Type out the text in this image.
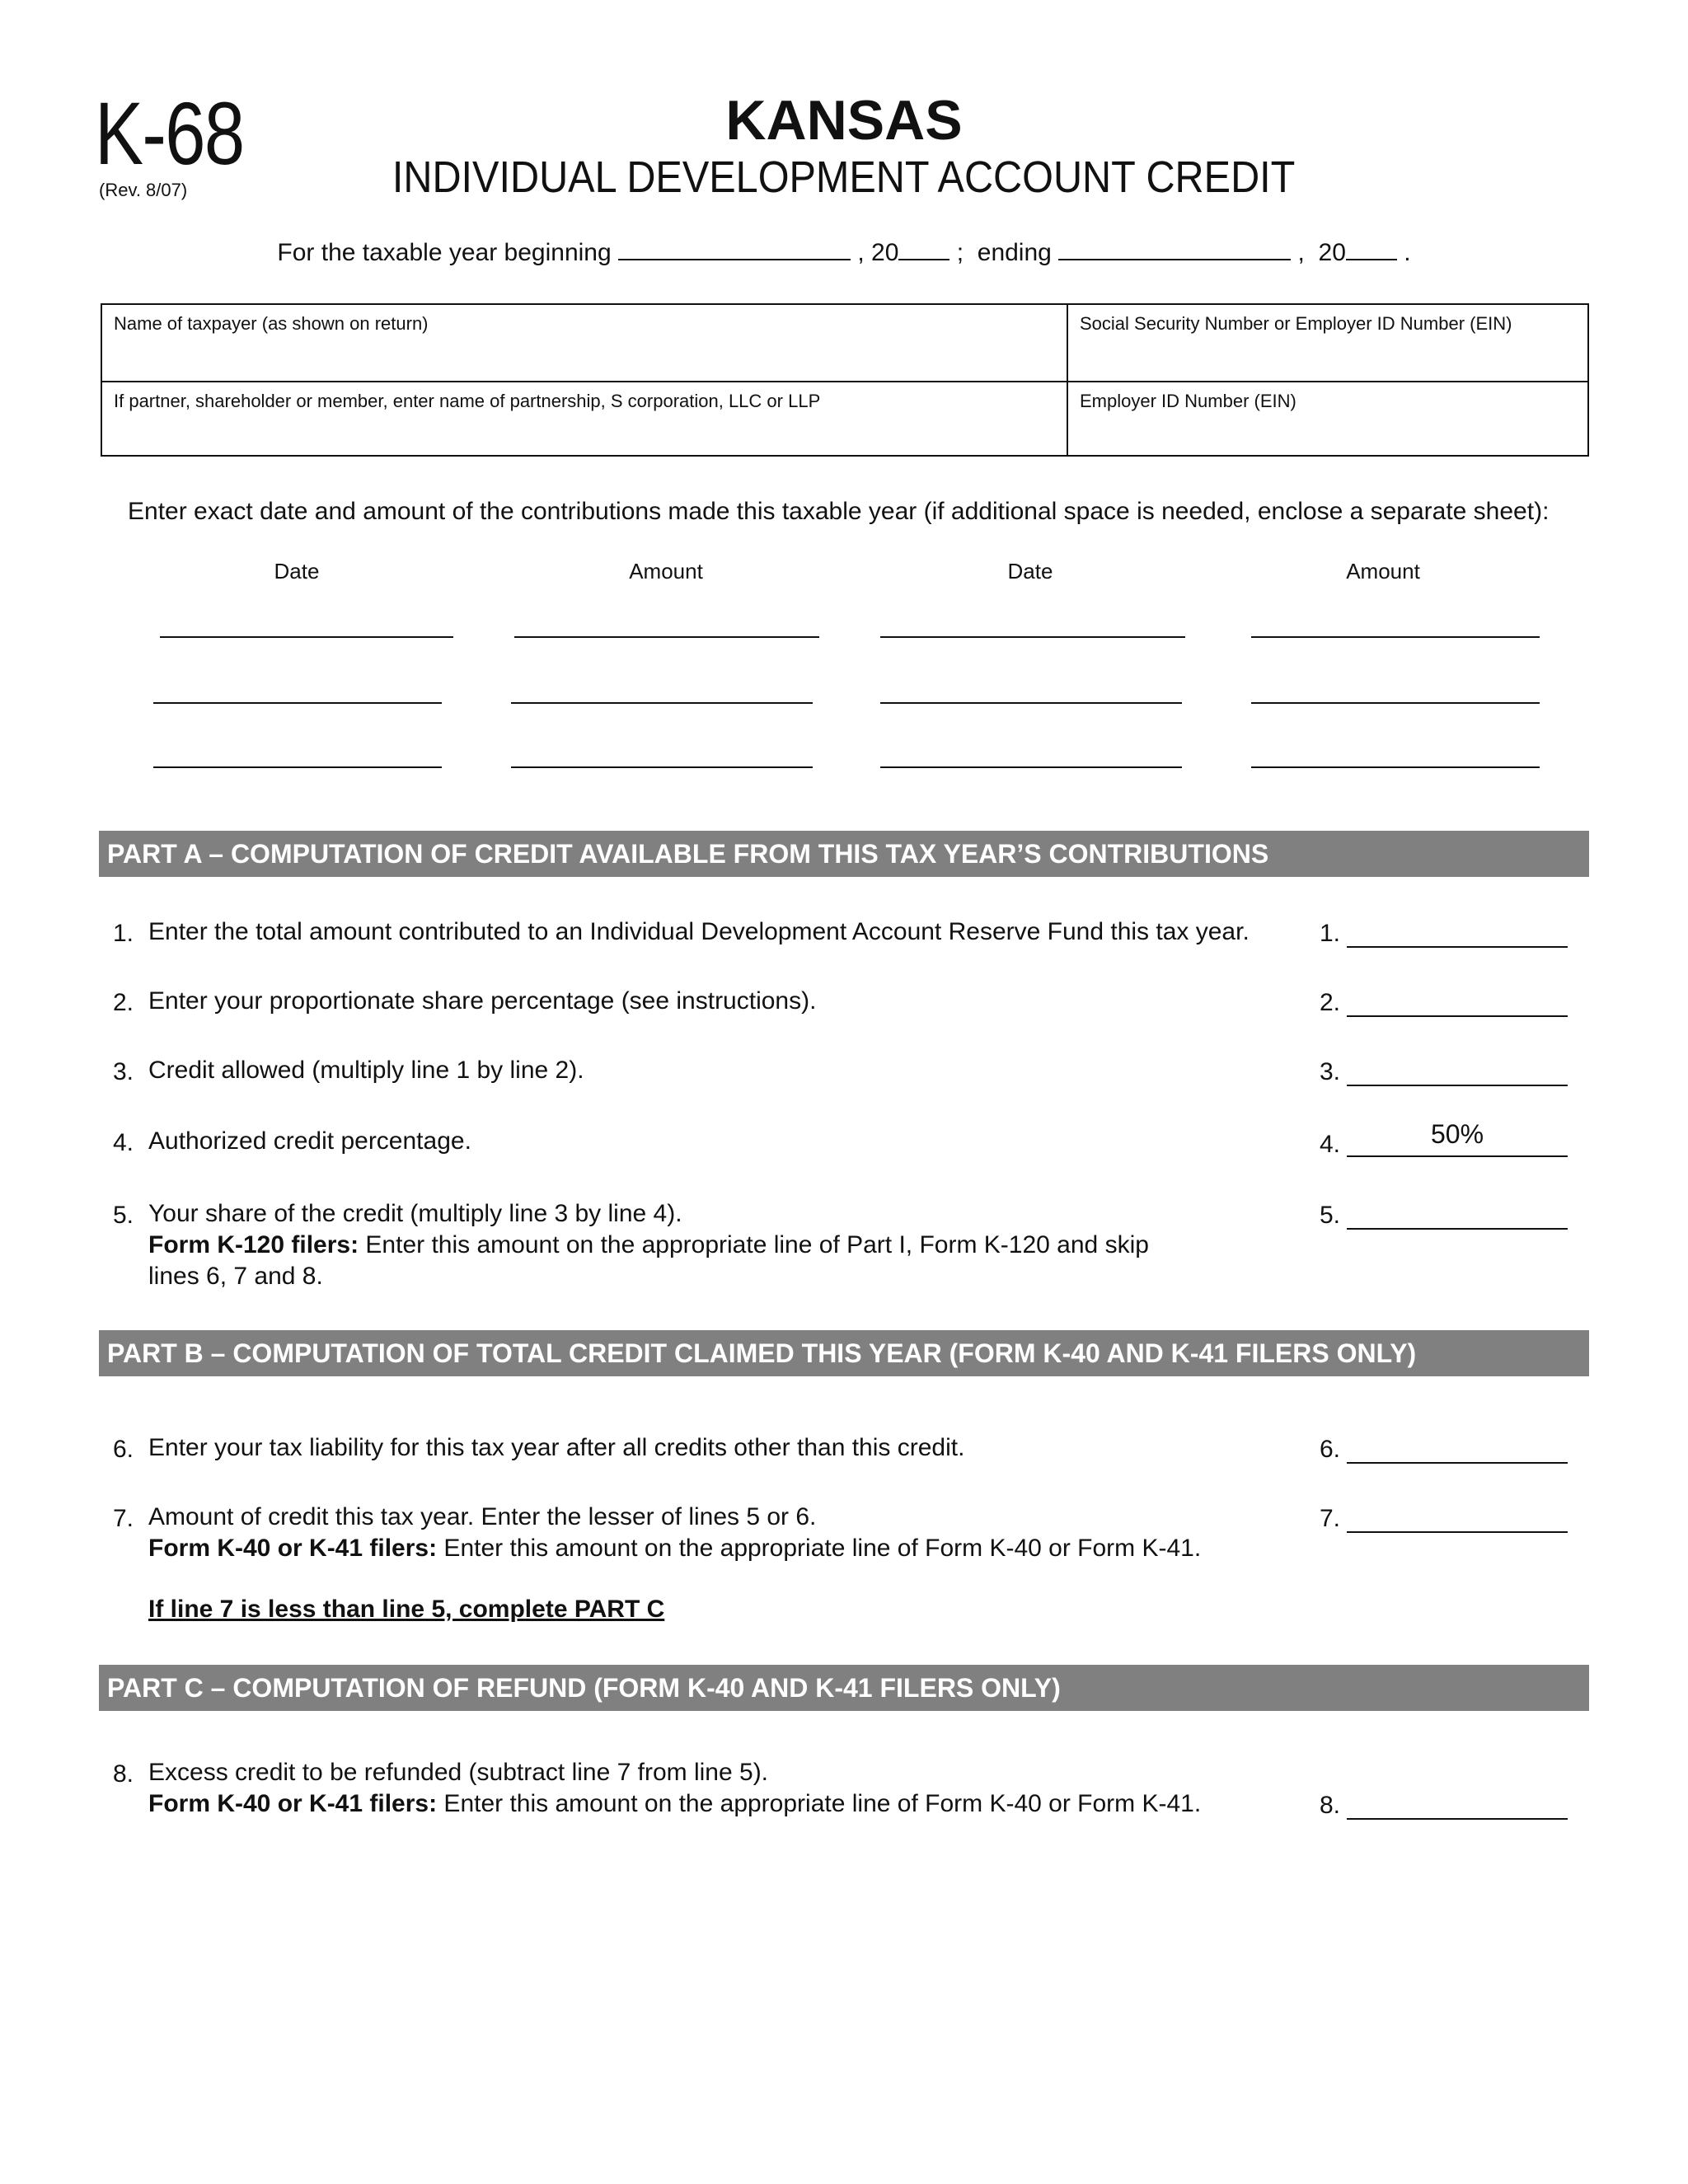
K-68
(Rev. 8/07)
KANSAS
INDIVIDUAL DEVELOPMENT ACCOUNT CREDIT
For the taxable year beginning	, 20 ;  ending	,  20 .
Name of taxpayer (as shown on return)	Social Security Number or Employer ID Number (EIN)
If partner, shareholder or member, enter name of partnership, S corporation, LLC or LLP	Employer ID Number (EIN)
Enter exact date and amount of the contributions made this taxable year (if additional space is needed, enclose a separate sheet):
Date	Amount	Date	Amount
PART A – COMPUTATION OF CREDIT AVAILABLE FROM THIS TAX YEAR’S CONTRIBUTIONS
1. Enter the total amount contributed to an Individual Development Account Reserve Fund this tax year.	1.
2. Enter your proportionate share percentage (see instructions).	2.
3. Credit allowed (multiply line 1 by line 2).	3.
4. Authorized credit percentage.	4.	50%
5. Your share of the credit (multiply line 3 by line 4).
Form K-120 filers: Enter this amount on the appropriate line of Part I, Form K-120 and skip
lines 6, 7 and 8.
5.
PART B – COMPUTATION OF TOTAL CREDIT CLAIMED THIS YEAR (FORM K-40 AND K-41 FILERS ONLY)
6. Enter your tax liability for this tax year after all credits other than this credit.	6.
7. Amount of credit this tax year. Enter the lesser of lines 5 or 6.
Form K-40 or K-41 filers: Enter this amount on the appropriate line of Form K-40 or Form K-41.
7.
If line 7 is less than line 5, complete PART C
PART C – COMPUTATION OF REFUND (FORM K-40 AND K-41 FILERS ONLY)
8. Excess credit to be refunded (subtract line 7 from line 5).
Form K-40 or K-41 filers: Enter this amount on the appropriate line of Form K-40 or Form K-41.	8.
